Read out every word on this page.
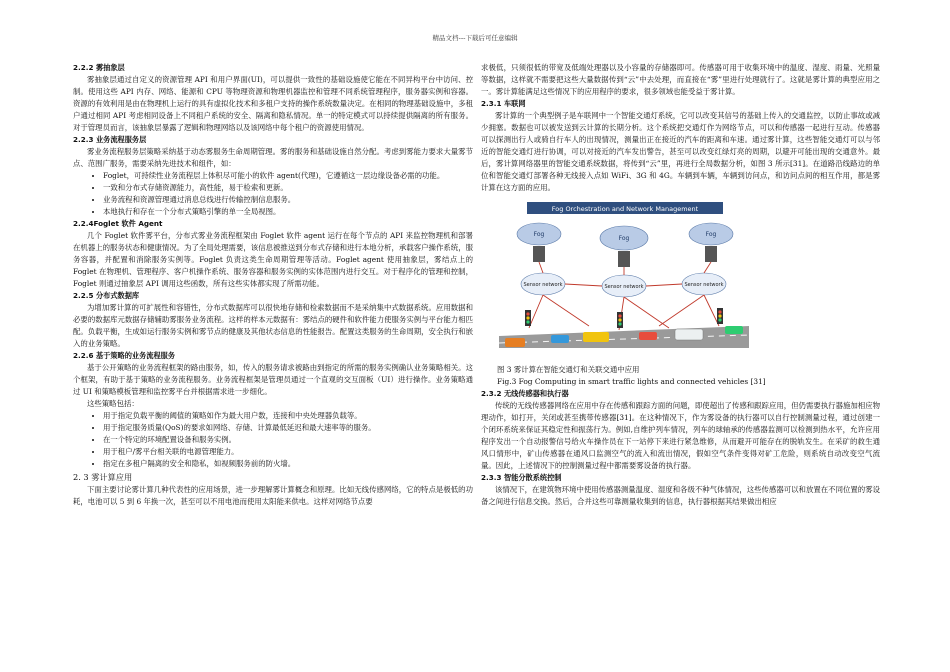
精品文档---下载后可任意编辑

2.2.2 雾抽象层

雾抽象层通过自定义的资源管理 API 和用户界面(UI)，可以提供一致性的基础设施使它能在不同异构平台中访问、控制。使用这些 API 内存、网络、能源和 CPU 等物理资源和物理机器监控和管理不同系统管理程序，服务器实例和容器。资源的有效利用是由在物理机上运行的具有虚拟化技术和多租户支持的操作系统数量决定。在相同的物理基础设施中，多租户通过相同 API 考虑相同设备上不同租户系统的安全、隔离和隐私情况。单一的特定模式可以持续提供隔离的所有服务。对于管理员而言，该抽象层暴露了逻辑和物理网络以及该网络中每个租户的资源使用情况。

2.2.3 业务流程服务层

雾业务流程服务层策略采纳基于动态雾服务生命周期管理。雾的服务和基础设施自然分配。考虑到雾能力要求大量雾节点、范围广服务，需要采纳先进技术和组件，如：

• Foglet，可持续性业务流程层上体积尽可能小的软件 agent(代理)，它遵循这一层边缘设备必需的功能。
• 一致和分布式存储资源能力，高性能，易于检索和更新。
• 业务流程和资源管理通过消息总线进行传输控制信息服务。
• 本地执行和存在一个分布式策略引擎的单一全局视图。

2.2.4Foglet 软件 Agent

几个 Foglet 软件雾平台，分布式雾业务流程框架由 Foglet 软件 agent 运行在每个节点的 API 来监控物理机和部署在机器上的服务状态和健康情况。为了全局处理需要，该信息被推送到分布式存储和进行本地分析，承载客户操作系统，服务容器，并配置和消除服务实例等。Foglet 负责这类生命周期管理等活动。Foglet agent 使用抽象层，雾结点上的 Foglet 在物理机、管理程序、客户机操作系统、服务容器和服务实例的实体范围内进行交互。对于程序化的管理和控制，Foglet 则通过抽象层 API 调用这些函数，所有这些实体都实现了所需功能。

2.2.5 分布式数据库

为增加雾计算的可扩展性和容错性，分布式数据库可以很快地存储和检索数据而不是采纳集中式数据系统。应用数据和必要的数据库元数据存储辅助雾服务业务流程。这样的样本元数据有：雾结点的硬件和软件能力使服务实例与平台能力相匹配。负载平衡，生成如运行服务实例和雾节点的健康及其他状态信息的性能报告。配置这类服务的生命周期，安全执行和嵌入的业务策略。

2.2.6 基于策略的业务流程服务

基于公开策略的业务流程框架的路由服务，如，传入的服务请求被路由到指定的所需的服务实例确认业务策略相关。这个框架，有助于基于策略的业务流程服务。业务流程框架是管理员通过一个直观的交互面板（UI）进行操作。业务策略通过 UI 和策略模板管理和监控雾平台并根据需求进一步细化。

这些策略包括：

• 用于指定负载平衡的阈值的策略如作为最大用户数，连接和中央处理器负载等。
• 用于指定服务质量(QoS)的要求如网络、存储、计算最低延迟和最大速率等的服务。
• 在一个特定的环境配置设备和服务实例。
• 用于租户/雾平台相关联的电源管理能力。
• 指定在多租户隔离的安全和隐私，如视频服务前的防火墙。

2. 3 雾计算应用

下面主要讨论雾计算几种代表性的应用场景，进一步理解雾计算概念和原理。比如无线传感网络，它的特点是极低的功耗，电池可以 5 到 6 年换一次，甚至可以不用电池而使用太阳能来供电。这样对网络节点要

求极低，只须很低的带宽及低端处理器以及小容量的存储器即可。传感器可用于收集环境中的温度、湿度、雨量、光照量等数据，这样就不需要把这些大量数据传到“云”中去处理，而直接在“雾”里进行处理就行了。这就是雾计算的典型应用之一。雾计算能满足这些情况下的应用程序的要求，很多领域也能受益于雾计算。

2.3.1 车联网

雾计算的一个典型例子是车联网中一个智能交通灯系统，它可以改变其信号的基础上传入的交通监控，以防止事故或减少拥塞。数据也可以被发送到云计算的长期分析。这个系统把交通灯作为网络节点，可以和传感器一起进行互动。传感器可以探测出行人或骑自行车人的出现情况，测量出正在接近的汽车的距离和车速。通过雾计算，这些智能交通灯可以与邻近的智能交通灯进行协调，可以对接近的汽车发出警告，甚至可以改变红绿灯亮的周期，以避开可能出现的交通意外。最后，雾计算网络器里的智能交通系统数据，将传到“云”里，再进行全局数据分析，如图 3 所示[31]。在道路沿线路边的单位和智能交通灯部署各种无线接入点如 WiFi、3G 和 4G。车辆到车辆，车辆到访问点，和访问点间的相互作用，都是雾计算在这方面的应用。

Fog Orchestration and Network Management
Fog
Fog
Fog
Sensor network	Sensor network	Sensor network

图 3 雾计算在智能交通灯和关联交通中应用

Fig.3 Fog Computing in smart traffic lights and connected vehicles [31]

2.3.2 无线传感器和执行器

传统的无线传感器网络在应用中存在传感和跟踪方面的问题，即使超出了传感和跟踪应用，但仍需要执行器施加相应物理动作，如打开，关闭或甚至携带传感器[31]。在这种情况下，作为雾设备的执行器可以自行控制测量过程，通过创建一个闭环系统来保证其稳定性和振荡行为。例如,自维护列车情况，列车的球轴承的传感器监测可以检测到热水平，允许应用程序发出一个自动报警信号给火车操作员在下一站停下来进行紧急维修，从而避开可能存在的脱轨发生。在采矿的救生通风口情形中，矿山传感器在通风口监测空气的流入和流出情况，假如空气条件变得对矿工危险，则系统自动改变空气流量。因此，上述情况下的控制测量过程中都需要雾设备的执行器。

2.3.3 智能分散系统控制

该情况下，在建筑物环境中使用传感器测量温度、湿度和各级不种气体情况，这些传感器可以和放置在不同位置的雾设备之间进行信息交换。然后，合并这些可靠测量收集到的信息，执行器根据其结果做出相应
